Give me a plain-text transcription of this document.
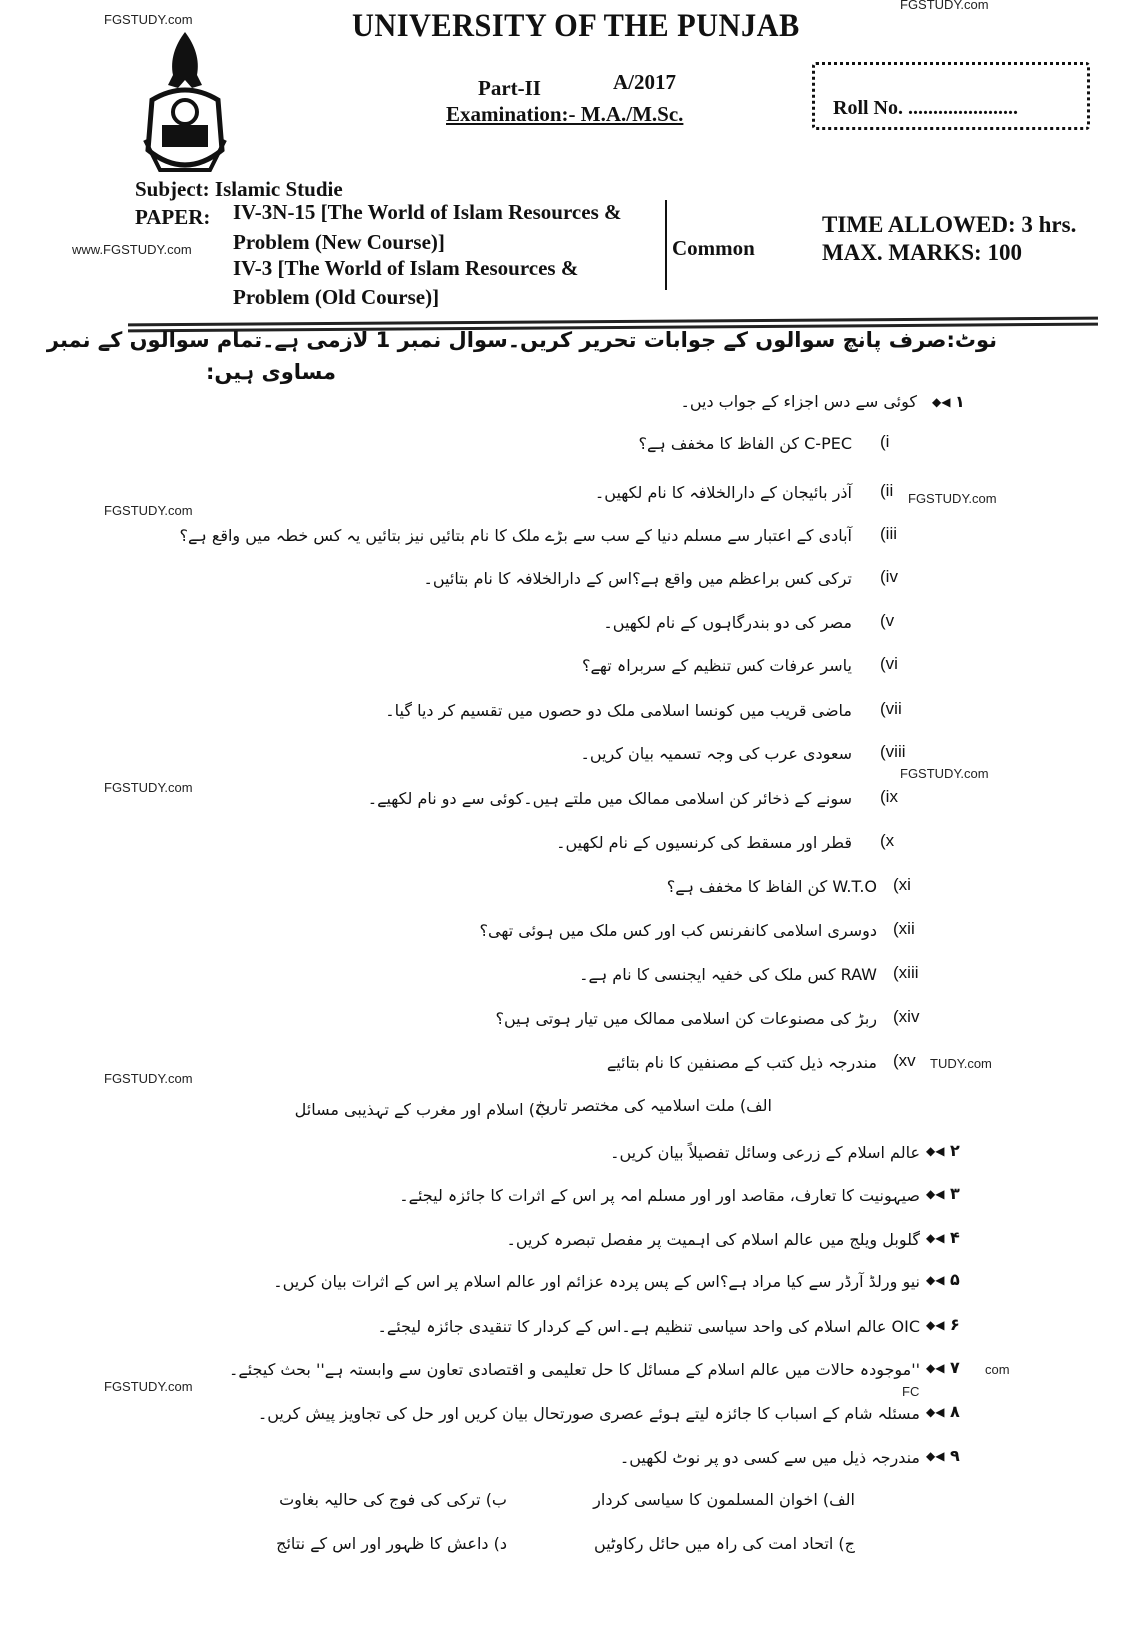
FGSTUDY.com
FGSTUDY.com
www.FGSTUDY.com
FGSTUDY.com
FGSTUDY.com
FGSTUDY.com
FGSTUDY.com
FGSTUDY.com
FGSTUDY.com
TUDY.com
FC
com
UNIVERSITY OF THE PUNJAB
Part-II	A/2017
Examination:- M.A./M.Sc.	Roll No. ......................
Subject: Islamic Studie
PAPER: IV-3N-15 [The World of Islam Resources &
Problem (New Course)]
IV-3 [The World of Islam Resources &
Problem (Old Course)]
Common
TIME ALLOWED: 3 hrs.
MAX. MARKS: 100
نوٹ:صرف پانچ سوالوں کے جوابات تحریر کریں۔سوال نمبر 1 لازمی ہے۔تمام سوالوں کے نمبر
مساوی ہیں:
۱
◆◀
کوئی سے دس اجزاء کے جواب دیں۔
(i
C-PEC کن الفاظ کا مخفف ہے؟
(ii
آذر بائیجان کے دارالخلافہ کا نام لکھیں۔
(iii
آبادی کے اعتبار سے مسلم دنیا کے سب سے بڑے ملک کا نام بتائیں نیز بتائیں یہ کس خطہ میں واقع ہے؟
(iv
ترکی کس براعظم میں واقع ہے؟اس کے دارالخلافہ کا نام بتائیں۔
(v
مصر کی دو بندرگاہوں کے نام لکھیں۔
(vi
یاسر عرفات کس تنظیم کے سربراہ تھے؟
(vii
ماضی قریب میں کونسا اسلامی ملک دو حصوں میں تقسیم کر دیا گیا۔
(viii
سعودی عرب کی وجہ تسمیہ بیان کریں۔
(ix
سونے کے ذخائر کن اسلامی ممالک میں ملتے ہیں۔کوئی سے دو نام لکھیے۔
(x
قطر اور مسقط کی کرنسیوں کے نام لکھیں۔
(xi
W.T.O کن الفاظ کا مخفف ہے؟
(xii
دوسری اسلامی کانفرنس کب اور کس ملک میں ہوئی تھی؟
(xiii
RAW کس ملک کی خفیہ ایجنسی کا نام ہے۔
(xiv
ربڑ کی مصنوعات کن اسلامی ممالک میں تیار ہوتی ہیں؟
(xv
مندرجہ ذیل کتب کے مصنفین کا نام بتائیے
الف) ملت اسلامیہ کی مختصر تاریخ
ب) اسلام اور مغرب کے تہذیبی مسائل
۲
◆◀
عالم اسلام کے زرعی وسائل تفصیلاً بیان کریں۔
۳
◆◀
صیہونیت کا تعارف، مقاصد اور اور مسلم امہ پر اس کے اثرات کا جائزہ لیجئے۔
۴
◆◀
گلوبل ویلج میں عالم اسلام کی اہمیت پر مفصل تبصرہ کریں۔
۵
◆◀
نیو ورلڈ آرڈر سے کیا مراد ہے؟اس کے پس پردہ عزائم اور عالم اسلام پر اس کے اثرات بیان کریں۔
۶
◆◀
OIC عالم اسلام کی واحد سیاسی تنظیم ہے۔اس کے کردار کا تنقیدی جائزہ لیجئے۔
۷
◆◀
''موجودہ حالات میں عالم اسلام کے مسائل کا حل تعلیمی و اقتصادی تعاون سے وابستہ ہے'' بحث کیجئے۔
۸
◆◀
مسئلہ شام کے اسباب کا جائزہ لیتے ہوئے عصری صورتحال بیان کریں اور حل کی تجاویز پیش کریں۔
۹
◆◀
مندرجہ ذیل میں سے کسی دو پر نوٹ لکھیں۔
الف) اخوان المسلمون کا سیاسی کردار
ب) ترکی کی فوج کی حالیہ بغاوت
ج) اتحاد امت کی راہ میں حائل رکاوٹیں
د) داعش کا ظہور اور اس کے نتائج
